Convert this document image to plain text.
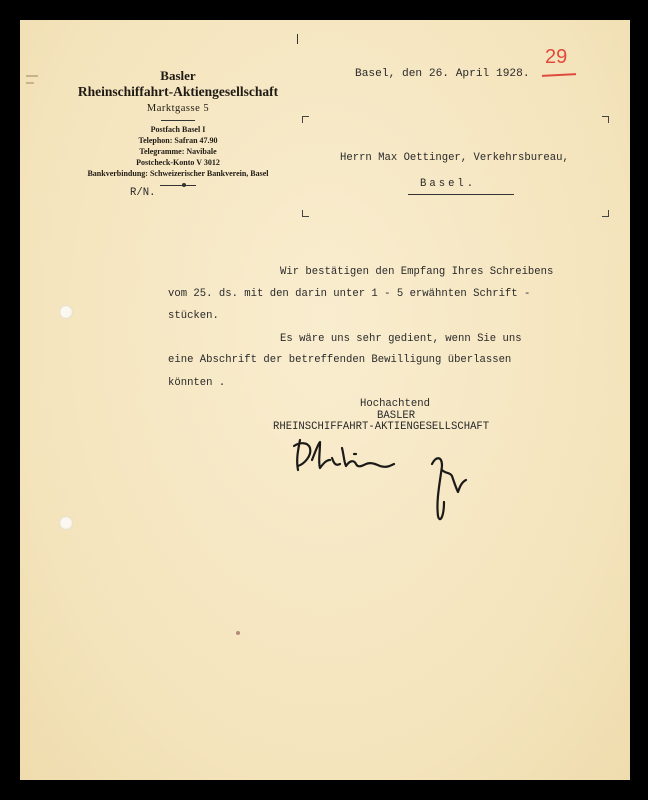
29
Basler
Rheinschiffahrt-Aktiengesellschaft
Marktgasse 5
Postfach Basel I
Telephon: Safran 47.90
Telegramme: Navibale
Postcheck-Konto V 3012
Bankverbindung: Schweizerischer Bankverein, Basel
R/N.
Basel, den 26. April 1928.
Herrn Max Oettinger, Verkehrsbureau,
Basel.
Wir bestätigen den Empfang Ihres Schreibens
vom 25. ds. mit den darin unter 1 - 5 erwähnten Schrift -
stücken.
Es wäre uns sehr gedient, wenn Sie uns
eine Abschrift der betreffenden Bewilligung überlassen
könnten .
Hochachtend
BASLER
RHEINSCHIFFAHRT-AKTIENGESELLSCHAFT
